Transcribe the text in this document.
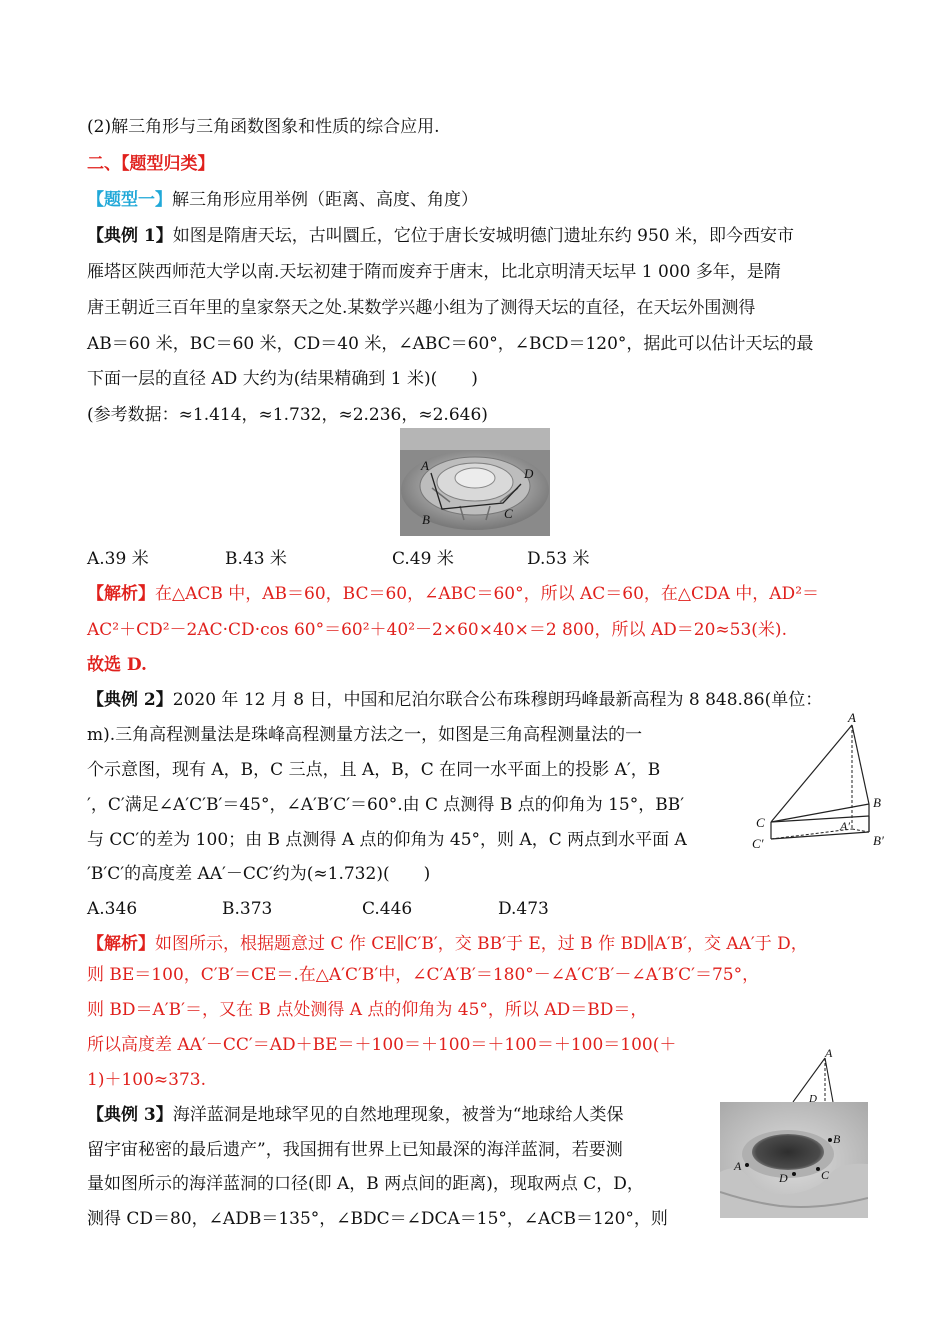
(2)解三角形与三角函数图象和性质的综合应用.
二、【题型归类】
【题型一】解三角形应用举例（距离、高度、角度）
【典例 1】如图是隋唐天坛，古叫圜丘，它位于唐长安城明德门遗址东约 950 米，即今西安市
雁塔区陕西师范大学以南.天坛初建于隋而废弃于唐末，比北京明清天坛早 1 000 多年，是隋
唐王朝近三百年里的皇家祭天之处.某数学兴趣小组为了测得天坛的直径，在天坛外围测得
AB＝60 米，BC＝60 米，CD＝40 米，∠ABC＝60°，∠BCD＝120°，据此可以估计天坛的最
下面一层的直径 AD 大约为(结果精确到 1 米)(　　)
(参考数据：≈1.414，≈1.732，≈2.236，≈2.646)
A
D
B	C
A.39 米	B.43 米	C.49 米	D.53 米
【解析】在△ACB 中，AB＝60，BC＝60，∠ABC＝60°，所以 AC＝60，在△CDA 中，AD²＝
AC²＋CD²－2AC·CD·cos 60°＝60²＋40²－2×60×40×＝2 800，所以 AD＝20≈53(米).
故选 D.
【典例 2】2020 年 12 月 8 日，中国和尼泊尔联合公布珠穆朗玛峰最新高程为 8 848.86(单位：
m).三角高程测量法是珠峰高程测量方法之一，如图是三角高程测量法的一
个示意图，现有 A，B，C 三点，且 A，B，C 在同一水平面上的投影 A′，B
′，C′满足∠A′C′B′＝45°，∠A′B′C′＝60°.由 C 点测得 B 点的仰角为 15°，BB′
与 CC′的差为 100；由 B 点测得 A 点的仰角为 45°，则 A，C 两点到水平面 A
′B′C′的高度差 AA′－CC′约为(≈1.732)(　　)
A
B
C	A′
C′	B′
A.346	B.373	C.446	D.473
【解析】如图所示，根据题意过 C 作 CE∥C′B′，交 BB′于 E，过 B 作 BD∥A′B′，交 AA′于 D，
则 BE＝100，C′B′＝CE＝.在△A′C′B′中，∠C′A′B′＝180°－∠A′C′B′－∠A′B′C′＝75°，
则 BD＝A′B′＝，又在 B 点处测得 A 点的仰角为 45°，所以 AD＝BD＝，
所以高度差 AA′－CC′＝AD＋BE＝＋100＝＋100＝＋100＝＋100＝100(＋
1)＋100≈373.
A
D
【典例 3】海洋蓝洞是地球罕见的自然地理现象，被誉为“地球给人类保
留宇宙秘密的最后遗产”，我国拥有世界上已知最深的海洋蓝洞，若要测
量如图所示的海洋蓝洞的口径(即 A，B 两点间的距离)，现取两点 C，D，
测得 CD＝80，∠ADB＝135°，∠BDC＝∠DCA＝15°，∠ACB＝120°，则
B
A
D	C
